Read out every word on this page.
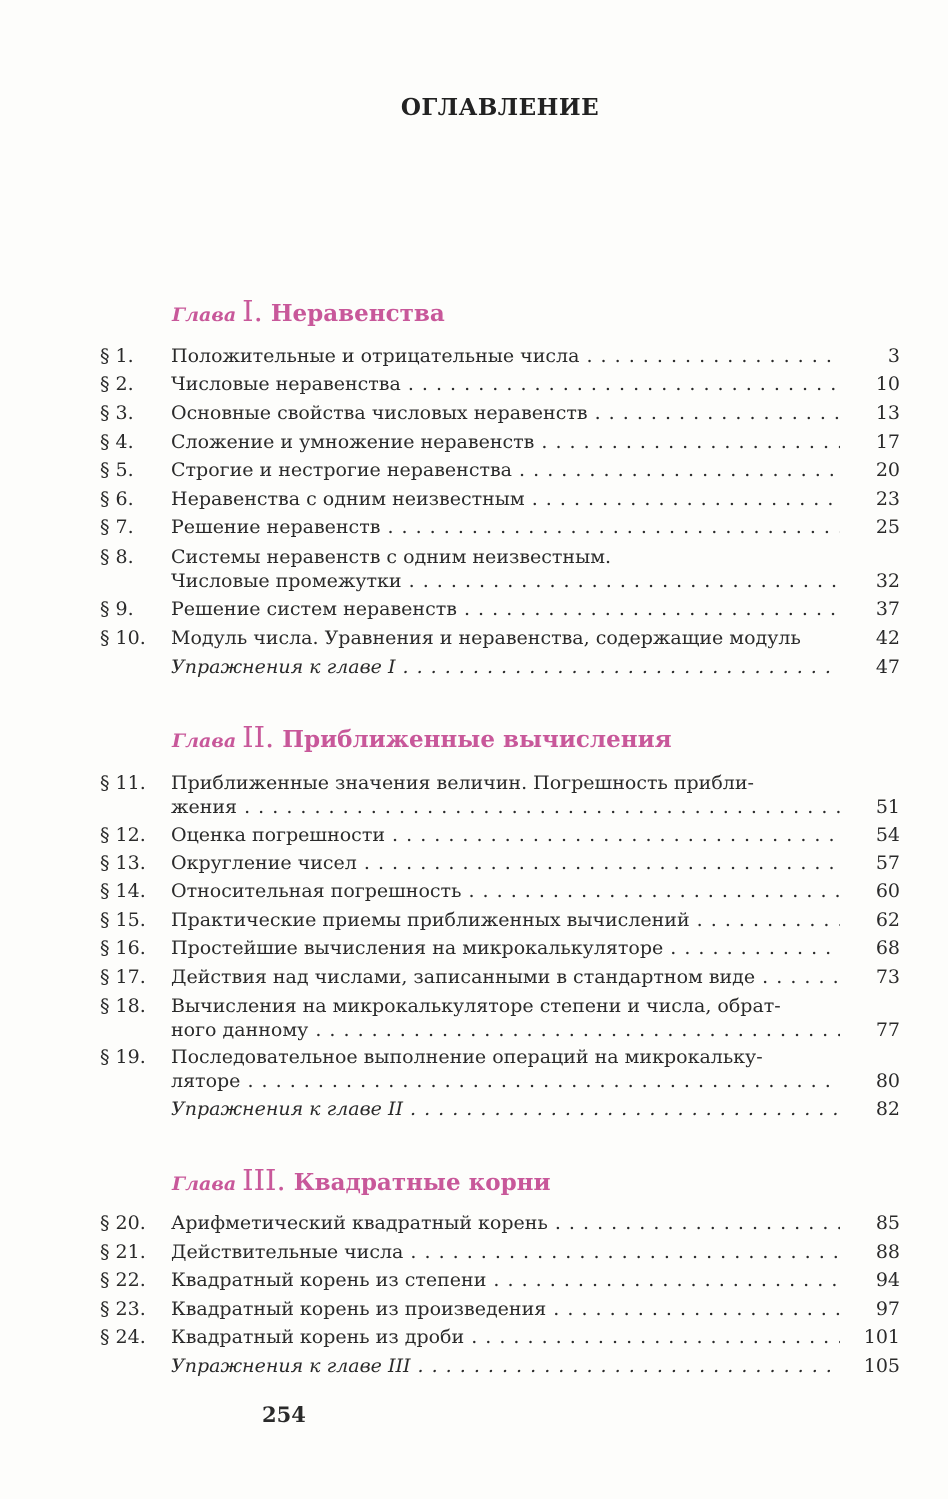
ОГЛАВЛЕНИЕ
Глава I. Неравенства
§ 1.	Положительные и отрицательные числа . . .	3
§ 2.	Числовые неравенства . . .	10
§ 3.	Основные свойства числовых неравенств . . .	13
§ 4.	Сложение и умножение неравенств . . .	17
§ 5.	Строгие и нестрогие неравенства . . .	20
§ 6.	Неравенства с одним неизвестным . . .	23
§ 7.	Решение неравенств . . .	25
§ 8.	Системы неравенств с одним неизвестным.
Числовые промежутки . . .	32
§ 9.	Решение систем неравенств . . .	37
§ 10.	Модуль числа. Уравнения и неравенства, содержащие модуль	42
Упражнения к главе I . . .	47
Глава II. Приближенные вычисления
§ 11.	Приближенные значения величин. Погрешность прибли-
жения . . .	51
§ 12.	Оценка погрешности . . .	54
§ 13.	Округление чисел . . .	57
§ 14.	Относительная погрешность . . .	60
§ 15.	Практические приемы приближенных вычислений . . .	62
§ 16.	Простейшие вычисления на микрокалькуляторе . . .	68
§ 17.	Действия над числами, записанными в стандартном виде . . .	73
§ 18.	Вычисления на микрокалькуляторе степени и числа, обрат-
ного данному . . .	77
§ 19.	Последовательное выполнение операций на микрокальку-
ляторе . . .	80
Упражнения к главе II . . .	82
Глава III. Квадратные корни
§ 20.	Арифметический квадратный корень . . .	85
§ 21.	Действительные числа . . .	88
§ 22.	Квадратный корень из степени . . .	94
§ 23.	Квадратный корень из произведения . . .	97
§ 24.	Квадратный корень из дроби . . .	101
Упражнения к главе III . . .	105
254
